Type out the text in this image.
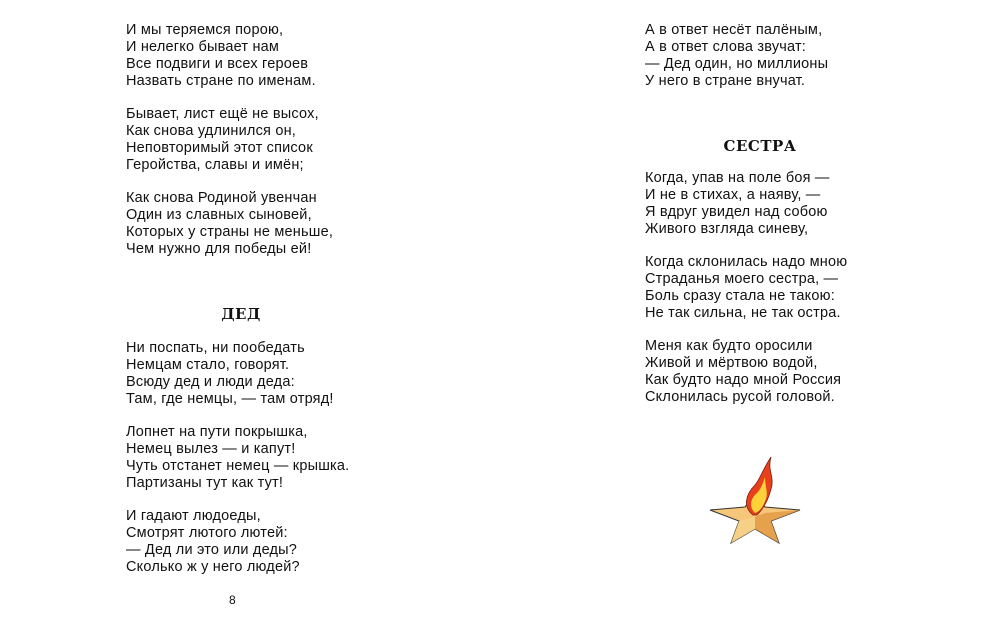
И мы теряемся порою,
И нелегко бывает нам
Все подвиги и всех героев
Назвать стране по именам.
Бывает, лист ещё не высох,
Как снова удлинился он,
Неповторимый этот список
Геройства, славы и имён;
Как снова Родиной увенчан
Один из славных сыновей,
Которых у страны не меньше,
Чем нужно для победы ей!
ДЕД
Ни поспать, ни пообедать
Немцам стало, говорят.
Всюду дед и люди деда:
Там, где немцы, — там отряд!
Лопнет на пути покрышка,
Немец вылез — и капут!
Чуть отстанет немец — крышка.
Партизаны тут как тут!
И гадают людоеды,
Смотрят лютого лютей:
— Дед ли это или деды?
Сколько ж у него людей?
8
А в ответ несёт палёным,
А в ответ слова звучат:
— Дед один, но миллионы
У него в стране внучат.
СЕСТРА
Когда, упав на поле боя —
И не в стихах, а наяву, —
Я вдруг увидел над собою
Живого взгляда синеву,
Когда склонилась надо мною
Страданья моего сестра, —
Боль сразу стала не такою:
Не так сильна, не так остра.
Меня как будто оросили
Живой и мёртвою водой,
Как будто надо мной Россия
Склонилась русой головой.
